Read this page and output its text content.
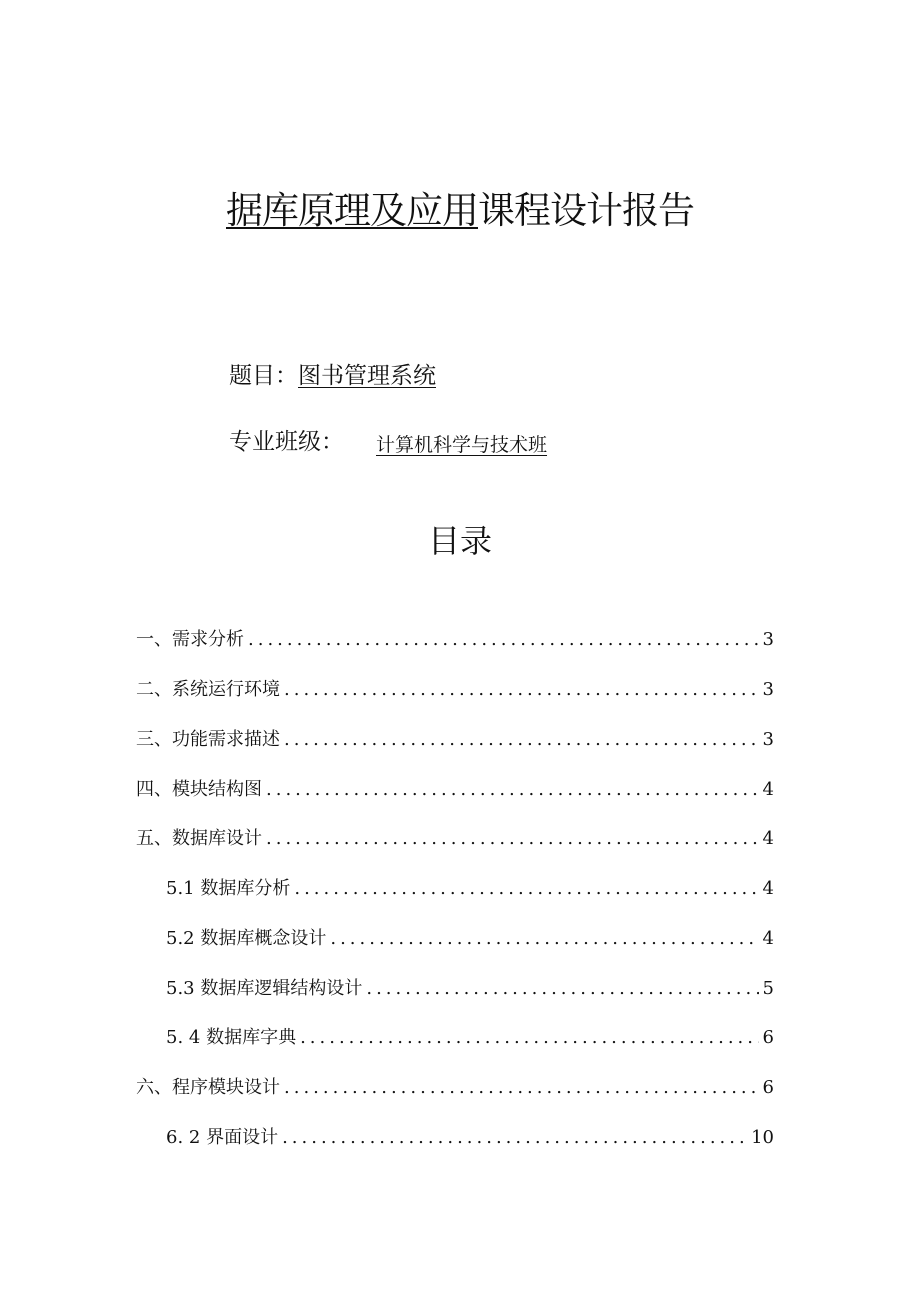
据库原理及应用课程设计报告
题目：图书管理系统
专业班级： 计算机科学与技术班
目录
一、需求分析 .....	3
二、系统运行环境 .....	3
三、功能需求描述 .....	3
四、模块结构图 .....	4
五、数据库设计 .....	4
5.1 数据库分析 .....	4
5.2 数据库概念设计 .....	4
5.3 数据库逻辑结构设计 .....	5
5. 4 数据库字典 .....	6
六、程序模块设计 .....	6
6. 2 界面设计 .....	10
